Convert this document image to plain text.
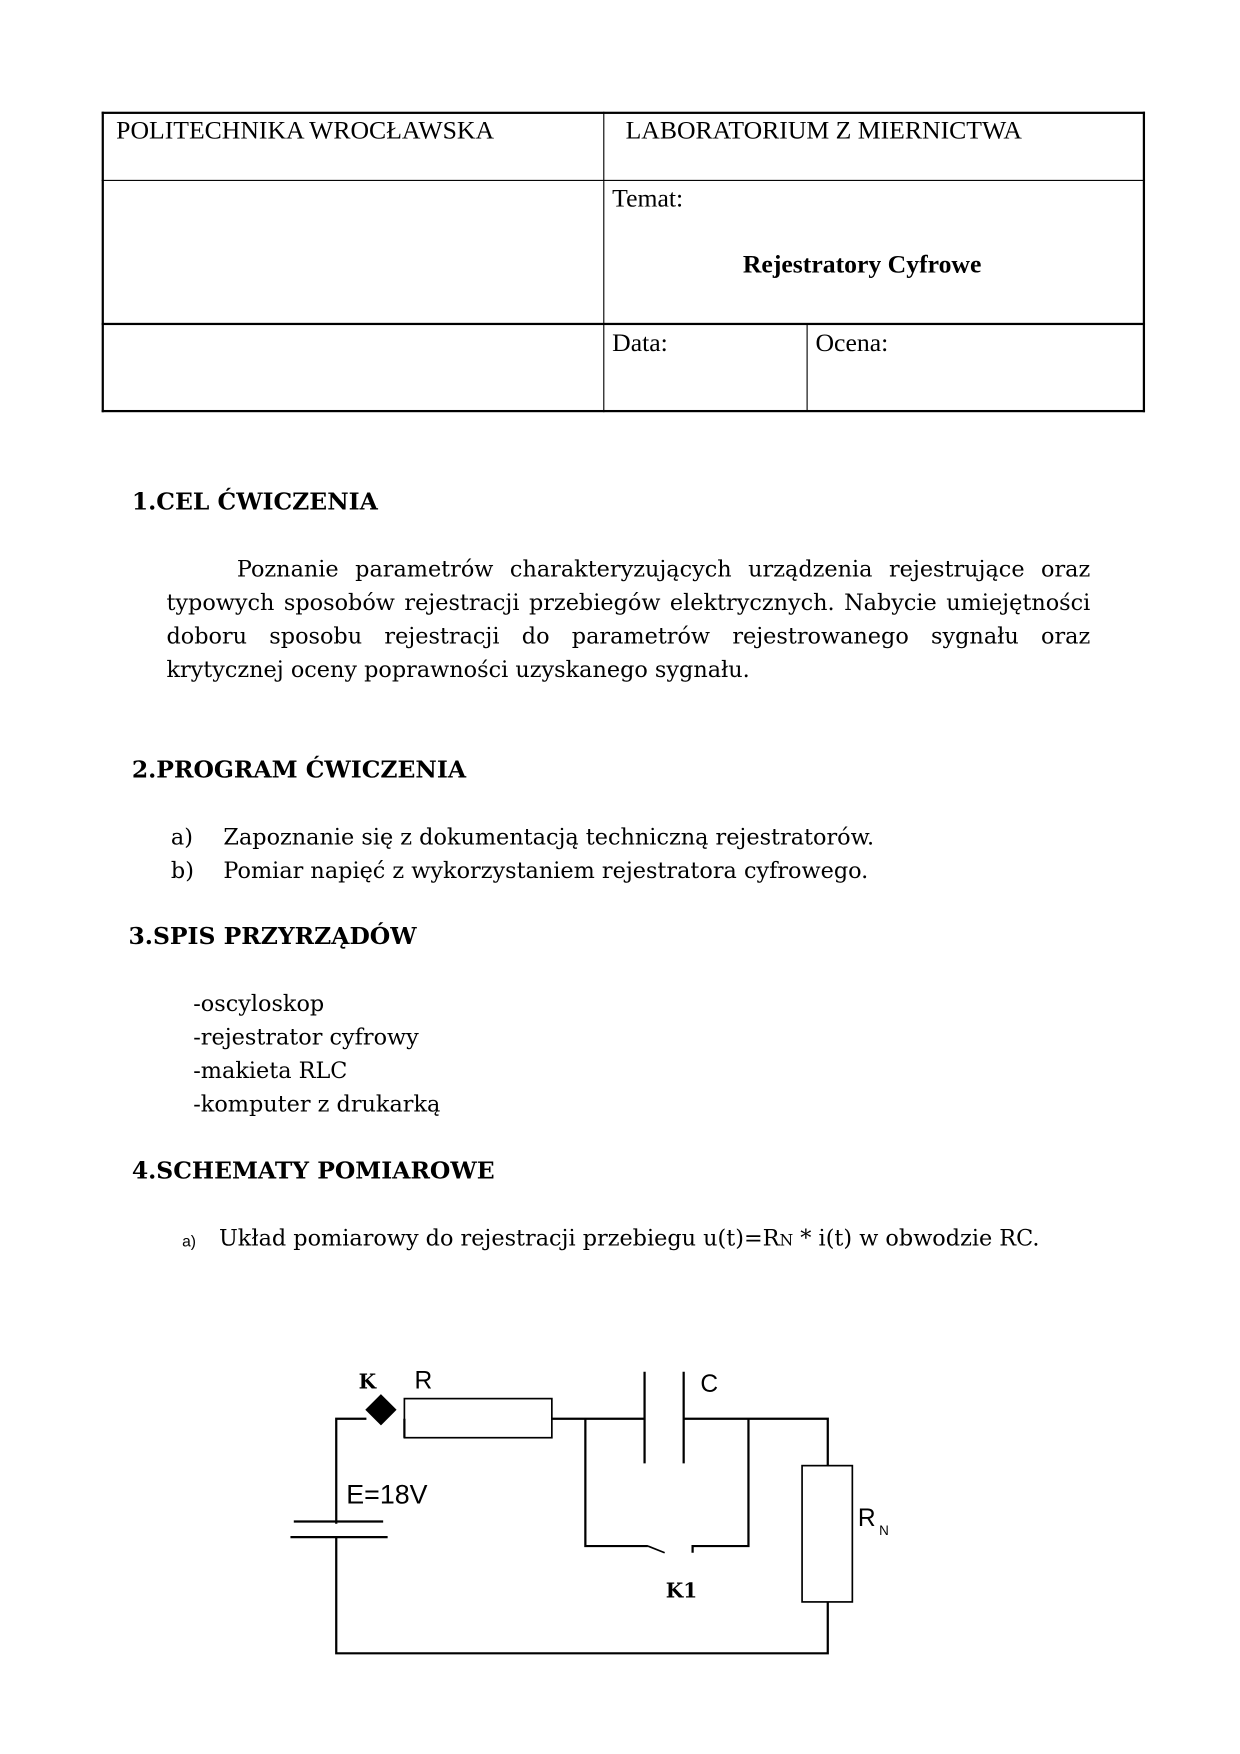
POLITECHNIKA WROCŁAWSKA	LABORATORIUM Z MIERNICTWA
Temat:
Rejestratory Cyfrowe
Data:	Ocena:
1.CEL ĆWICZENIA
Poznanie parametrów charakteryzujących urządzenia rejestrujące oraz typowych sposobów rejestracji przebiegów elektrycznych. Nabycie umiejętności doboru sposobu rejestracji do parametrów rejestrowanego sygnału oraz krytycznej oceny poprawności uzyskanego sygnału.
2.PROGRAM ĆWICZENIA
a) Zapoznanie się z dokumentacją techniczną rejestratorów.
b) Pomiar napięć z wykorzystaniem rejestratora cyfrowego.
3.SPIS PRZYRZĄDÓW
-oscyloskop
-rejestrator cyfrowy
-makieta RLC
-komputer z drukarką
4.SCHEMATY POMIAROWE
a) Układ pomiarowy do rejestracji przebiegu u(t)=RN * i(t) w obwodzie RC.
K R	C
E=18V
R N
K1
